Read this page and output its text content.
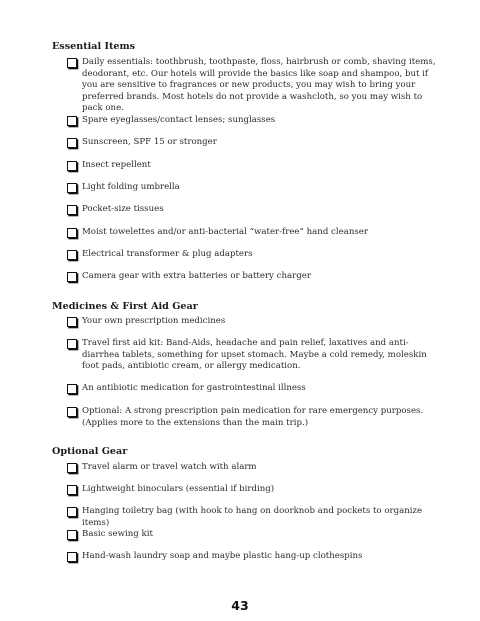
Essential Items
Daily essentials: toothbrush, toothpaste, floss, hairbrush or comb, shaving items, deodorant, etc. Our hotels will provide the basics like soap and shampoo, but if you are sensitive to fragrances or new products, you may wish to bring your preferred brands. Most hotels do not provide a washcloth, so you may wish to pack one.
Spare eyeglasses/contact lenses; sunglasses
Sunscreen, SPF 15 or stronger
Insect repellent
Light folding umbrella
Pocket-size tissues
Moist towelettes and/or anti-bacterial “water-free” hand cleanser
Electrical transformer & plug adapters
Camera gear with extra batteries or battery charger
Medicines & First Aid Gear
Your own prescription medicines
Travel first aid kit: Band-Aids, headache and pain relief, laxatives and anti-diarrhea tablets, something for upset stomach. Maybe a cold remedy, moleskin foot pads, antibiotic cream, or allergy medication.
An antibiotic medication for gastrointestinal illness
Optional: A strong prescription pain medication for rare emergency purposes. (Applies more to the extensions than the main trip.)
Optional Gear
Travel alarm or travel watch with alarm
Lightweight binoculars (essential if birding)
Hanging toiletry bag (with hook to hang on doorknob and pockets to organize items)
Basic sewing kit
Hand-wash laundry soap and maybe plastic hang-up clothespins
43
